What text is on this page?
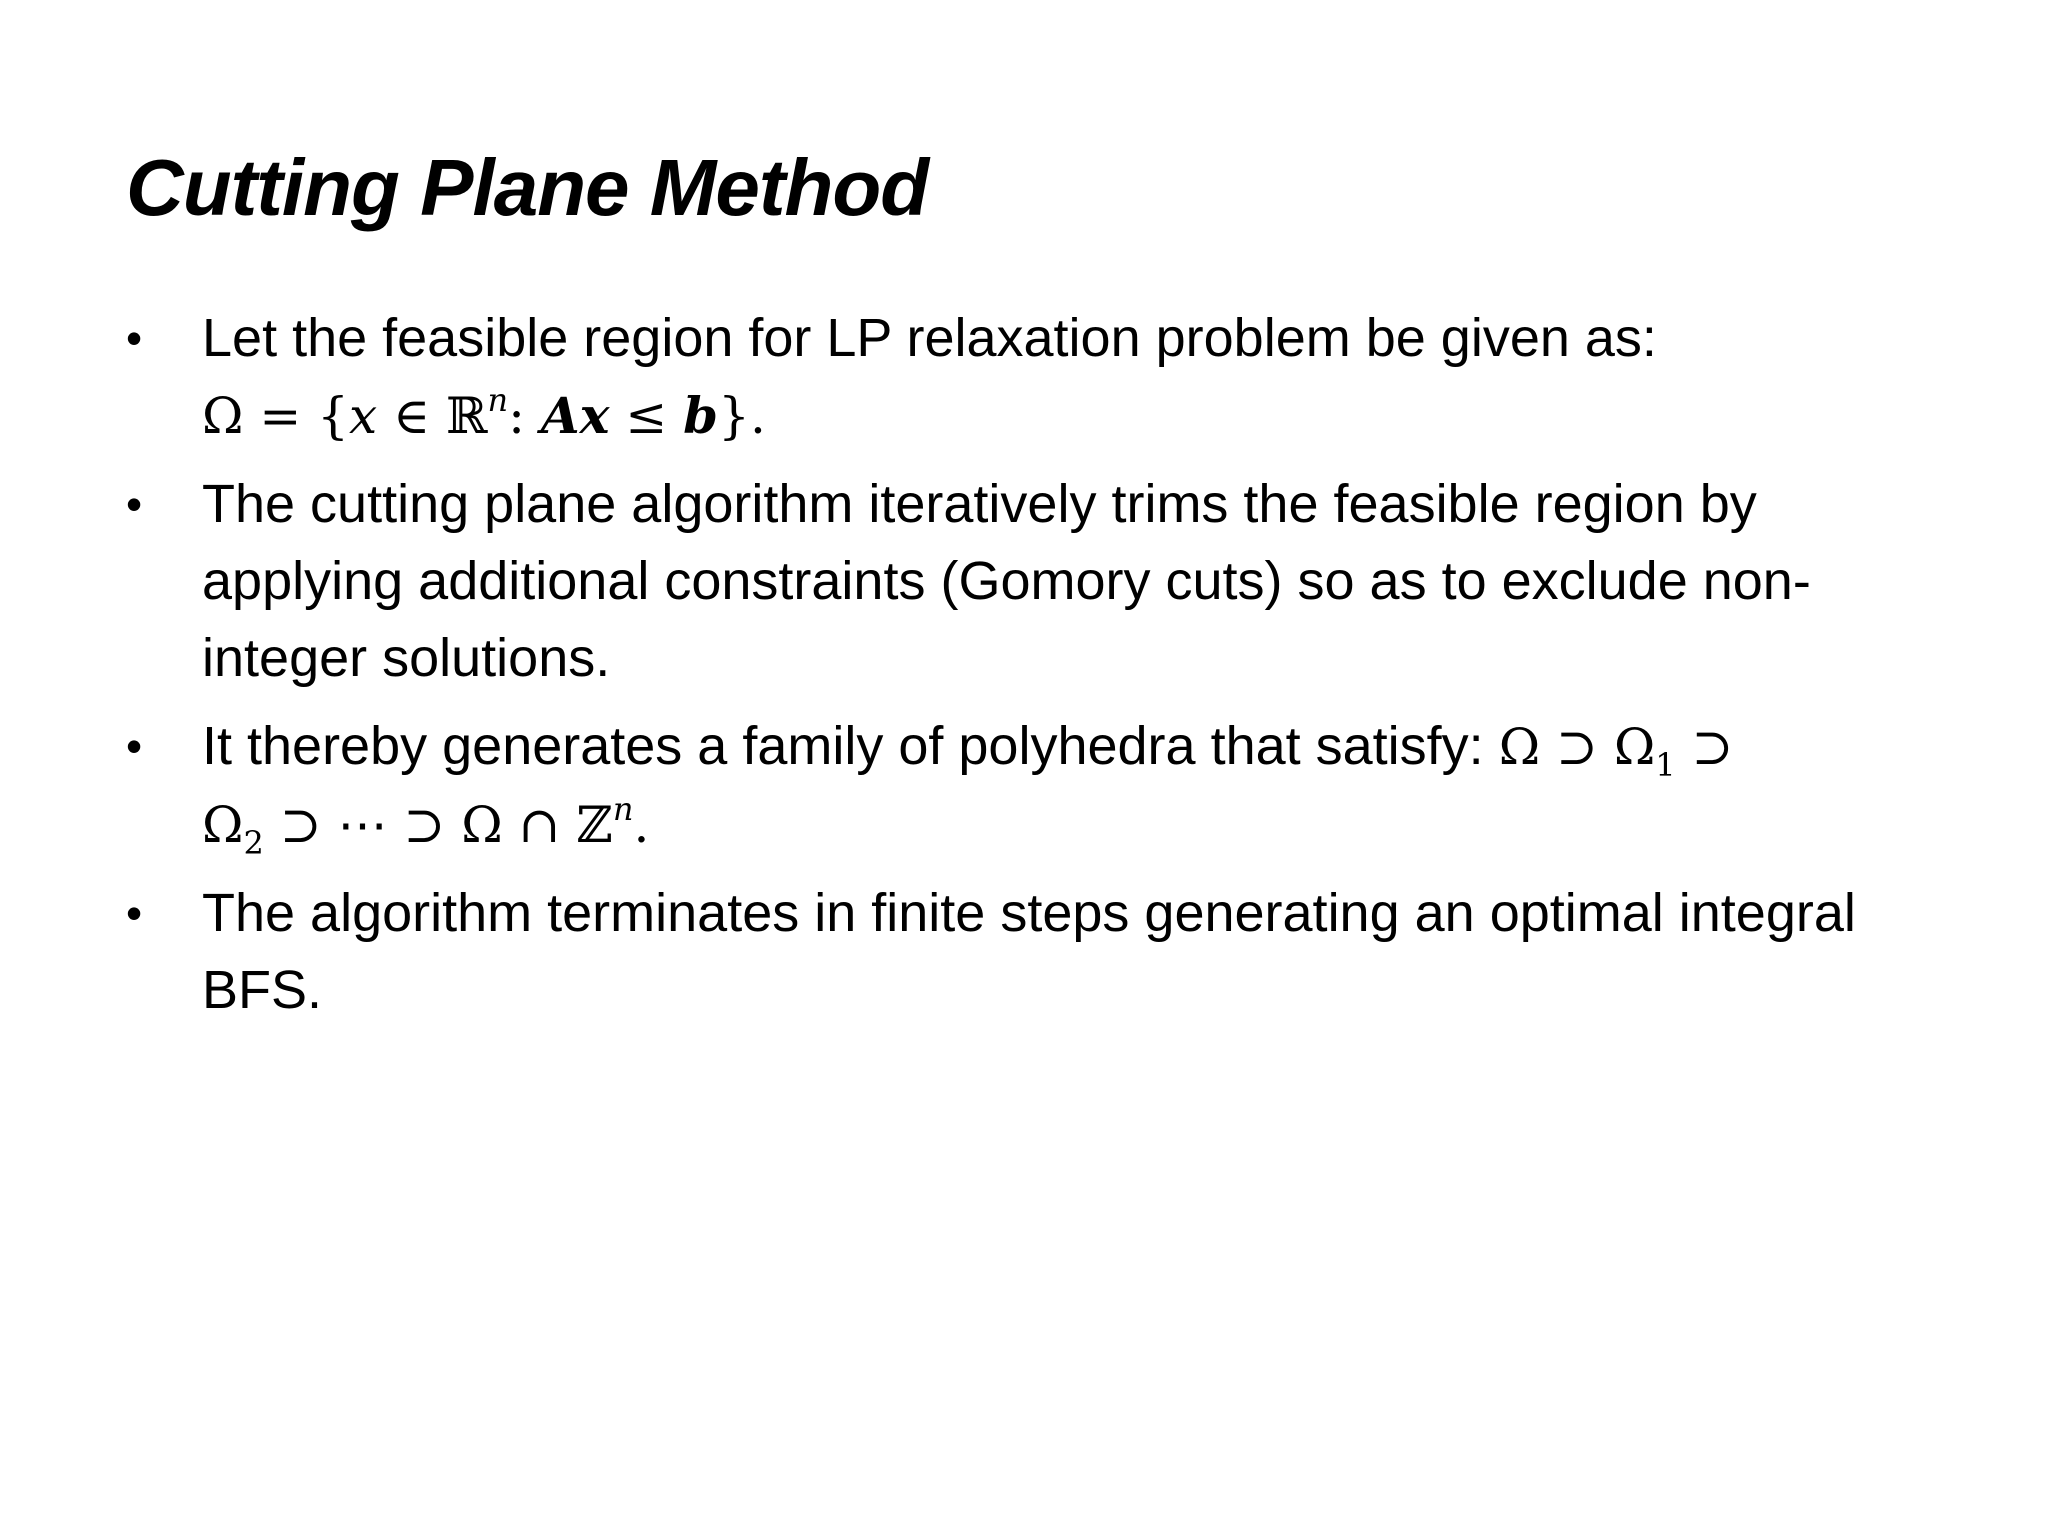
Cutting Plane Method
• Let the feasible region for LP relaxation problem be given as:
Ω = {x ∈ ℝ$^n$: Ax ≤ b}.
• The cutting plane algorithm iteratively trims the feasible region by applying additional constraints (Gomory cuts) so as to exclude non-integer solutions.
• It thereby generates a family of polyhedra that satisfy: Ω ⊃ $\Omega_1$ ⊃
$\Omega_2$ ⊃ ⋯ ⊃ Ω ∩ ℤ$^n$.
• The algorithm terminates in finite steps generating an optimal integral BFS.
